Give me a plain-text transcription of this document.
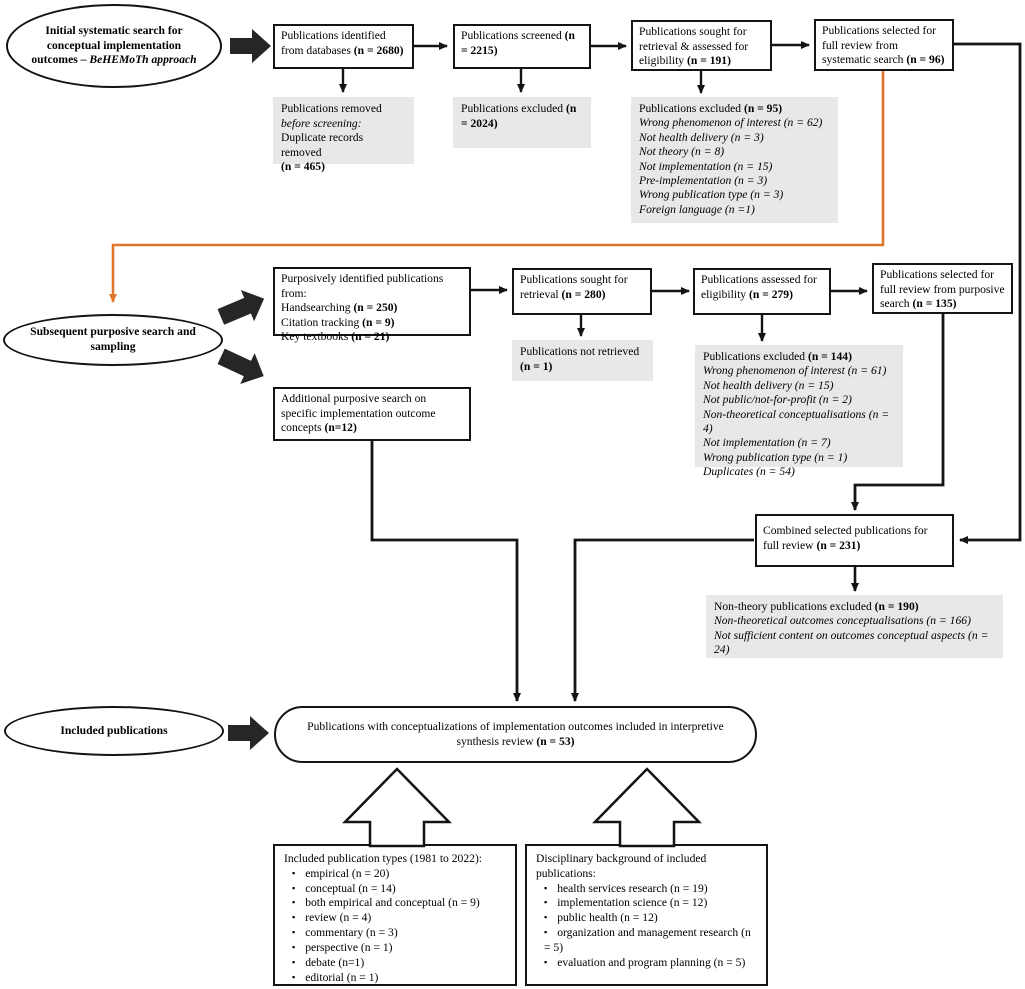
Initial systematic search for conceptual implementation outcomes – BeHEMoTh approach
Publications identified from databases (n = 2680)
Publications screened (n = 2215)
Publications sought for retrieval & assessed for eligibility (n = 191)
Publications selected for full review from systematic search (n = 96)
Publications removed
before screening:
Duplicate records removed
(n = 465)
Publications excluded (n = 2024)
Publications excluded (n = 95)
Wrong phenomenon of interest (n = 62)
Not health delivery (n = 3)
Not theory (n = 8)
Not implementation (n = 15)
Pre-implementation (n = 3)
Wrong publication type (n = 3)
Foreign language (n =1)
Subsequent purposive search and sampling
Purposively identified publications from:
Handsearching (n = 250)
Citation tracking (n = 9)
Key textbooks (n = 21)
Additional purposive search on specific implementation outcome concepts (n=12)
Publications sought for retrieval (n = 280)
Publications assessed for eligibility (n = 279)
Publications selected for full review from purposive search (n = 135)
Publications not retrieved (n = 1)
Publications excluded (n = 144)
Wrong phenomenon of interest (n = 61)
Not health delivery (n = 15)
Not public/not-for-profit (n = 2)
Non-theoretical conceptualisations (n = 4)
Not implementation (n = 7)
Wrong publication type (n = 1)
Duplicates (n = 54)
Combined selected publications for full review (n = 231)
Non-theory publications excluded (n = 190)
Non-theoretical outcomes conceptualisations (n = 166)
Not sufficient content on outcomes conceptual aspects (n = 24)
Included publications	Publications with conceptualizations of implementation outcomes included in interpretive synthesis review (n = 53)
Included publication types (1981 to 2022):
▪ empirical (n = 20)
▪ conceptual (n = 14)
▪ both empirical and conceptual (n = 9)
▪ review (n = 4)
▪ commentary (n = 3)
▪ perspective (n = 1)
▪ debate (n=1)
▪ editorial (n = 1)
Disciplinary background of included publications:
▪ health services research (n = 19)
▪ implementation science (n = 12)
▪ public health (n = 12)
▪ organization and management research (n = 5)
▪ evaluation and program planning (n = 5)
